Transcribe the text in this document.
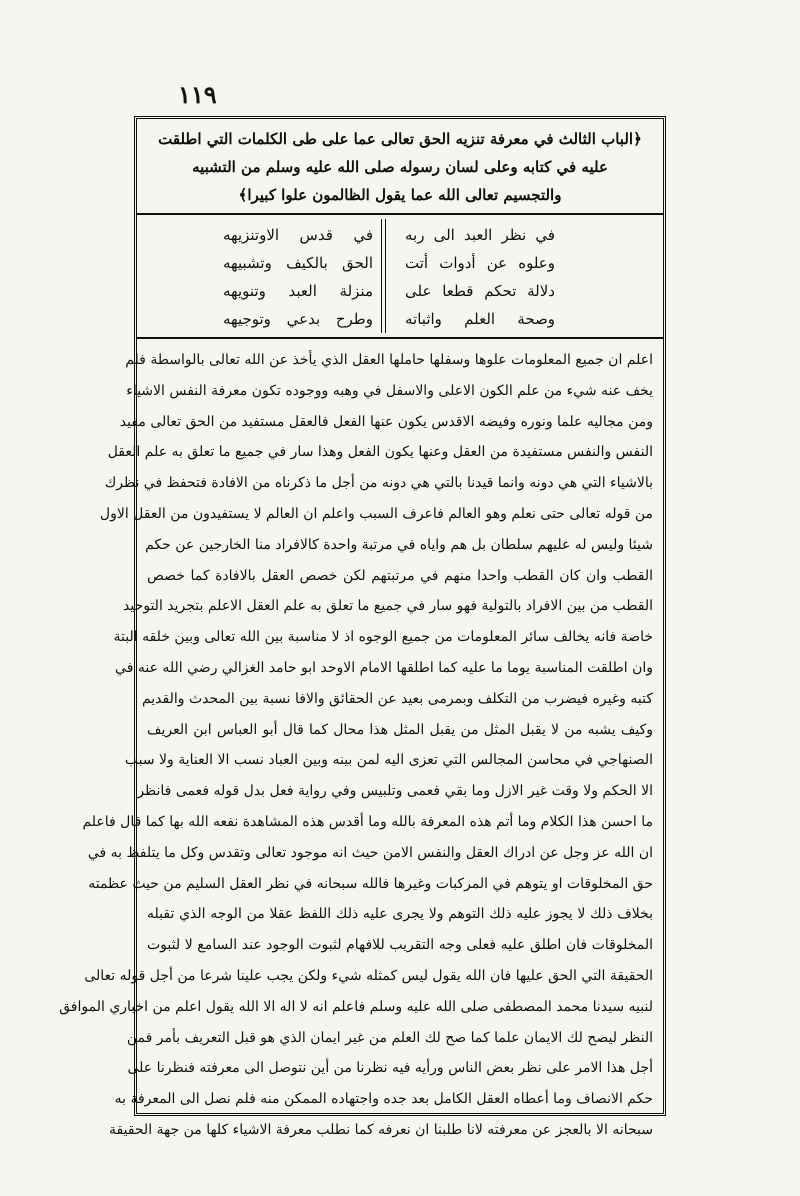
١١٩
﴿الباب الثالث في معرفة تنزيه الحق تعالى عما على طى الكلمات التي اطلقت
عليه في كتابه وعلى لسان رسوله صلى الله عليه وسلم من التشبيه
والتجسيم تعالى الله عما يقول الظالمون علوا كبيرا﴾
في نظر العبد الى ربه
وعلوه عن أدوات أتت
دلالة تحكم قطعا على
وصحة العلم واثباته
في قدس الاوتنزيهه
الحق بالكيف وتشبيهه
منزلة العبد وتنويهه
وطرح بدعي وتوجيهه
اعلم ان جميع المعلومات علوها وسفلها حاملها العقل الذي يأخذ عن الله تعالى بالواسطة فلم
يخف عنه شيء من علم الكون الاعلى والاسفل في وهبه ووجوده تكون معرفة النفس الاشياء
ومن مجاليه علما ونوره وفيضه الاقدس يكون عنها الفعل فالعقل مستفيد من الحق تعالى مفيد
النفس والنفس مستفيدة من العقل وعنها يكون الفعل وهذا سار في جميع ما تعلق به علم العقل
بالاشياء التي هي دونه وانما قيدنا بالتي هي دونه من أجل ما ذكرناه من الافادة فتحفظ في نظرك
من قوله تعالى حتى نعلم وهو العالم فاعرف السبب واعلم ان العالم لا يستفيدون من العقل الاول
شيئا وليس له عليهم سلطان بل هم واياه في مرتبة واحدة كالافراد منا الخارجين عن حكم
القطب وان كان القطب واحدا منهم في مرتبتهم لكن خصص العقل بالافادة كما خصص
القطب من بين الافراد بالتولية فهو سار في جميع ما تعلق به علم العقل الاعلم بتجريد التوحيد
خاصة فانه يخالف سائر المعلومات من جميع الوجوه اذ لا مناسبة بين الله تعالى وبين خلقه البتة
وان اطلقت المناسبة يوما ما عليه كما اطلقها الامام الاوحد ابو حامد الغزالي رضي الله عنه في
كتبه وغيره فيضرب من التكلف وبمرمى بعيد عن الحقائق والافا نسبة بين المحدث والقديم
وكيف يشبه من لا يقبل المثل من يقبل المثل هذا محال كما قال أبو العباس ابن العريف
الصنهاجي في محاسن المجالس التي تعزى اليه لمن بينه وبين العباد نسب الا العناية ولا سبب
الا الحكم ولا وقت غير الازل وما بقي فعمى وتلبيس وفي رواية فعل بدل قوله فعمى فانظر
ما احسن هذا الكلام وما أتم هذه المعرفة بالله وما أقدس هذه المشاهدة نفعه الله بها كما قال فاعلم
ان الله عز وجل عن ادراك العقل والنفس الامن حيث انه موجود تعالى وتقدس وكل ما يتلفظ به في
حق المخلوقات او يتوهم في المركبات وغيرها فالله سبحانه في نظر العقل السليم من حيث عظمته
بخلاف ذلك لا يجوز عليه ذلك التوهم ولا يجرى عليه ذلك اللفظ عقلا من الوجه الذي تقبله
المخلوقات فان اطلق عليه فعلى وجه التقريب للافهام لثبوت الوجود عند السامع لا لثبوت
الحقيقة التي الحق عليها فان الله يقول ليس كمثله شيء ولكن يجب علينا شرعا من أجل قوله تعالى
لنبيه سيدنا محمد المصطفى صلى الله عليه وسلم فاعلم انه لا اله الا الله يقول اعلم من اخباري الموافق
النظر ليصح لك الايمان علما كما صح لك العلم من غير ايمان الذي هو قبل التعريف بأمر فمن
أجل هذا الامر على نظر بعض الناس ورأيه فيه نظرنا من أين نتوصل الى معرفته فنظرنا على
حكم الانصاف وما أعطاه العقل الكامل بعد جده واجتهاده الممكن منه فلم نصل الى المعرفة به
سبحانه الا بالعجز عن معرفته لانا طلبنا ان نعرفه كما نطلب معرفة الاشياء كلها من جهة الحقيقة
